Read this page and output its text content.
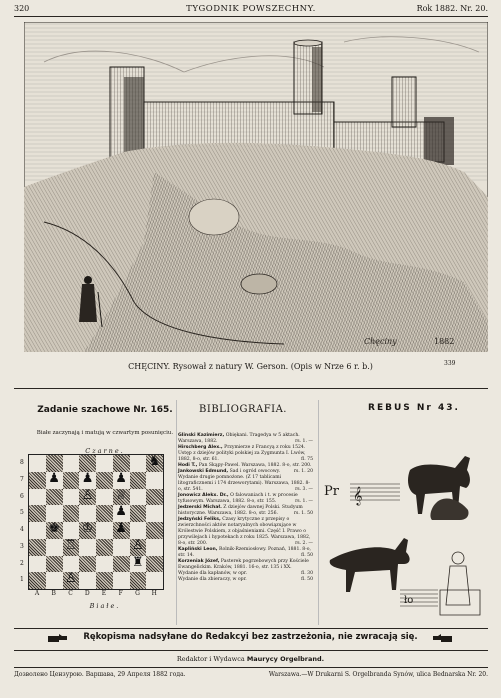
320	TYGODNIK POWSZECHNY.	Rok 1882. Nr. 20.
Chęciny	1882
CHĘCINY. Rysował z natury W. Gerson. (Opis w Nrze 6 r. b.)	339
Zadanie szachowe Nr. 165.
Białe zaczynają i matują w czwartym posunięciu.
Czarne.
♞
♟ ♟ ♟
♙ ♕
♟
♚ ♔ ♟
♖	♙
♜
♙
8
7
6
5
4
3
2
1
A	B	C	D	E	F	G	H
Białe.
BIBLIOGRAFIA.

Glinski Kazimierz, Obiękani. Tragedya w 5 aktach. Warszawa, 1882.	rs. 1. —

Hirschberg Alex., Przymierze z Francyą z roku 1524. Ustęp z dziejów polityki polskiej za Zygmunta I. Lwów, 1882, 8-o, str. 61.	fl. 75

Hodi T., Pan Skąpy-Pawel. Warszawa, 1882. 8-o, str. 200.
rs. 1. 20

Jankowski Edmund, Sad i ogród owocowy. Wydanie drugie pomnożone. (Z 17 tablicami litograficznemi i 174 drzeworytami). Warszawa, 1882. 8-o, str. 541.	rs. 3. —

Jonowicz Alekx. Dr., O falowaniach i t. w procesie tyfusowym. Warszawa, 1882. 8-o, str. 155.	rs. 1. —

Jedzerski Michał. Z dziejów dawnej Polski. Studyum historyczne. Warszawa, 1882. 8-o, str. 256.	rs. 1. 50

Jedzyński Feliks, Czasy krytyczne z przepisy o zwierzchności aktów notaryalnych obowiązujące w Królestwie Polskiem, z objaśnieniami. Część I. Prawo o przywilejach i hypotekach z roku 1825. Warszawa, 1882, 8-o, str. 200.	rs. 2. —

Kapliński Leon, Rolnik-Rzemiosłowy. Poznań, 1881. 8-o, str. 14.	fl. 50

Korzeniak Józef, Pasterek pogrzebowych przy Kościele Ewangelickim. Kraków, 1881. 16-o, str. 135 i XX. Wydanie dla kapłanów, w opr.	fl. 30

Wydanie dla zbieraczy, w opr.	fl. 50

REBUS Nr 43.
Pr 𝄞
ło
Rękopisma nadsyłane do Redakcyi bez zastrzeżonia, nie zwracają się.
Redaktor i Wydawca Maurycy Orgelbrand.
Дозволено Цензурою. Варшава, 29 Апреля 1882 года.	Warszawa.—W Drukarni S. Orgelbranda Synów, ulica Bednarska Nr. 20.
